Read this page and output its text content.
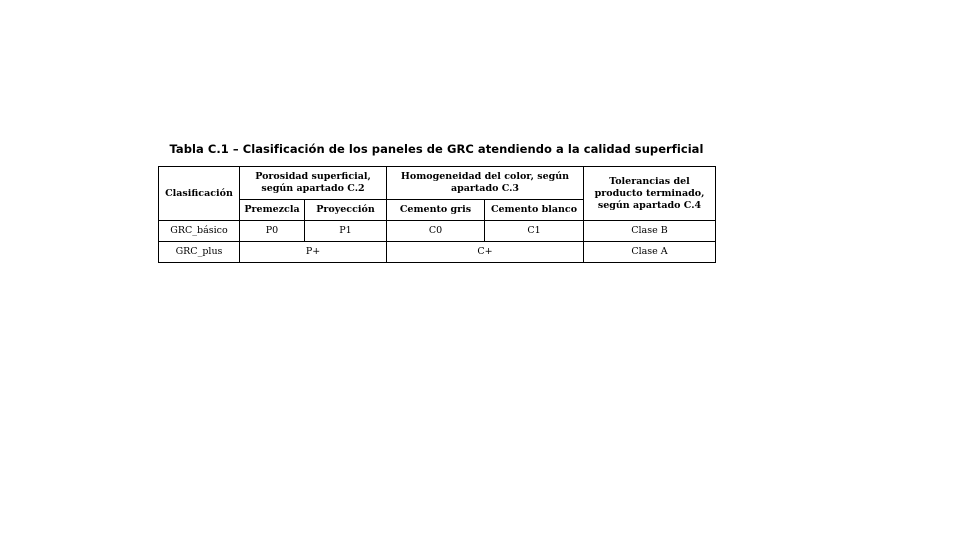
Tabla C.1 – Clasificación de los paneles de GRC atendiendo a la calidad superficial
Clasificación	Porosidad superficial, según apartado C.2		Homogeneidad del color, según apartado C.3		Tolerancias del producto terminado, según apartado C.4
	Premezcla	Proyección	Cemento gris	Cemento blanco	
GRC_básico	P0	P1	C0	C1	Clase B
GRC_plus	P+		C+		Clase A
